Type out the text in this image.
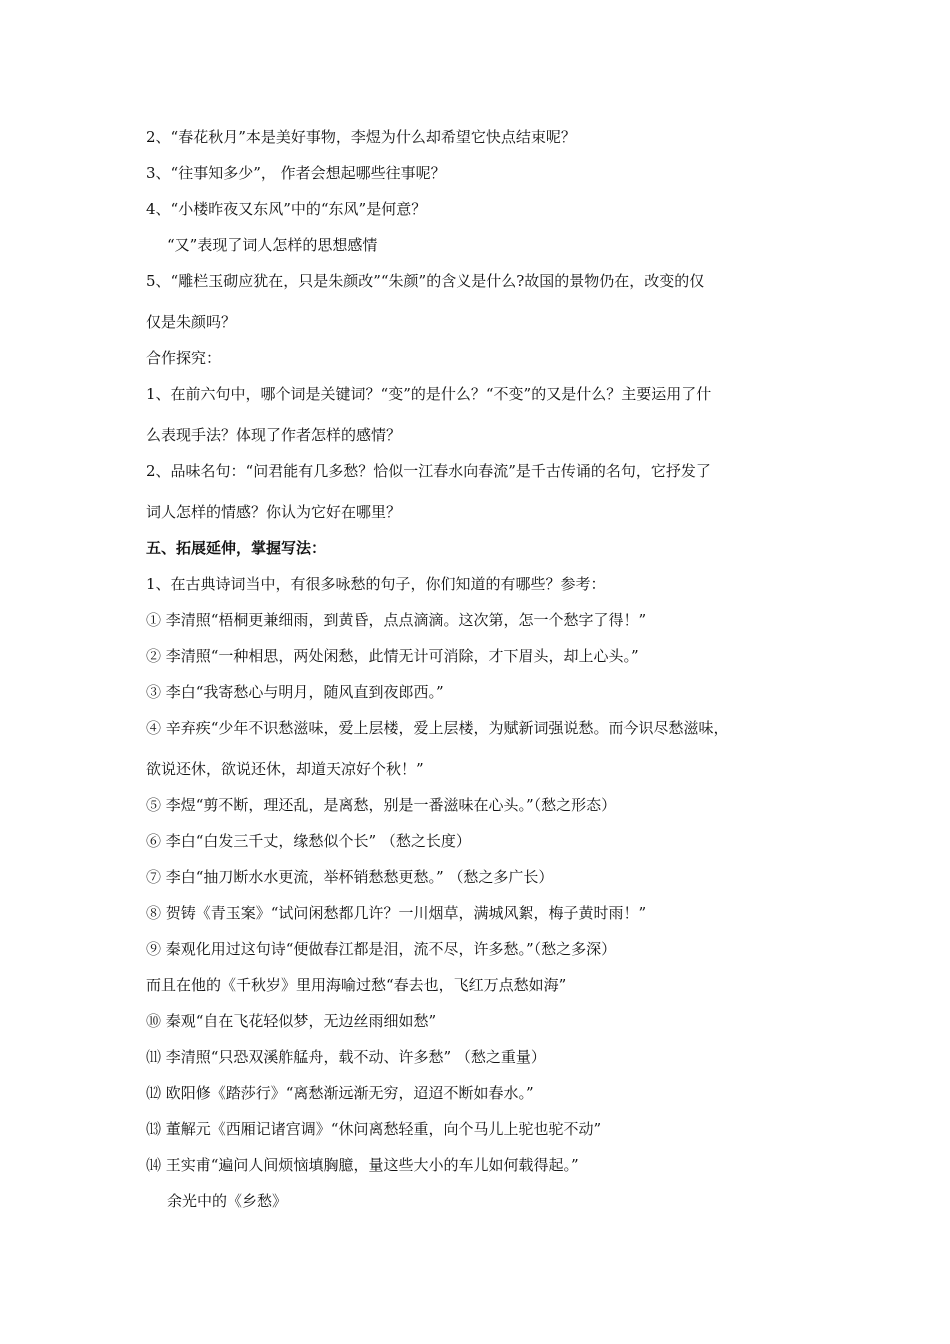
2、“春花秋月”本是美好事物，李煜为什么却希望它快点结束呢？
3、“往事知多少”， 作者会想起哪些往事呢？
4、“小楼昨夜又东风”中的“东风”是何意？
“又”表现了词人怎样的思想感情
5、“雕栏玉砌应犹在，只是朱颜改”“朱颜”的含义是什么?故国的景物仍在，改变的仅
仅是朱颜吗？
合作探究：
1、在前六句中，哪个词是关键词？“变”的是什么？“不变”的又是什么？主要运用了什
么表现手法？体现了作者怎样的感情？
2、品味名句：“问君能有几多愁？恰似一江春水向春流”是千古传诵的名句，它抒发了
词人怎样的情感？你认为它好在哪里？
五、拓展延伸，掌握写法：
1、在古典诗词当中，有很多咏愁的句子，你们知道的有哪些？参考：
① 李清照“梧桐更兼细雨，到黄昏，点点滴滴。这次第，怎一个愁字了得！”
② 李清照“一种相思，两处闲愁，此情无计可消除，才下眉头，却上心头。”
③ 李白“我寄愁心与明月，随风直到夜郎西。”
④ 辛弃疾“少年不识愁滋味，爱上层楼，爱上层楼，为赋新词强说愁。而今识尽愁滋味，
欲说还休，欲说还休，却道天凉好个秋！”
⑤ 李煜“剪不断，理还乱，是离愁，别是一番滋味在心头。”（愁之形态）
⑥ 李白“白发三千丈，缘愁似个长” （愁之长度）
⑦ 李白“抽刀断水水更流，举杯销愁愁更愁。” （愁之多广长）
⑧ 贺铸《青玉案》“试问闲愁都几许？一川烟草，满城风絮，梅子黄时雨！”
⑨ 秦观化用过这句诗“便做春江都是泪，流不尽，许多愁。”（愁之多深）
而且在他的《千秋岁》里用海喻过愁“春去也，飞红万点愁如海”
⑩ 秦观“自在飞花轻似梦，无边丝雨细如愁”
⑾ 李清照“只恐双溪舴艋舟，载不动、许多愁” （愁之重量）
⑿ 欧阳修《踏莎行》“离愁渐远渐无穷，迢迢不断如春水。”
⒀ 董解元《西厢记诸宫调》“休问离愁轻重，向个马儿上驼也驼不动”
⒁ 王实甫“遍问人间烦恼填胸臆，量这些大小的车儿如何载得起。”
余光中的《乡愁》
